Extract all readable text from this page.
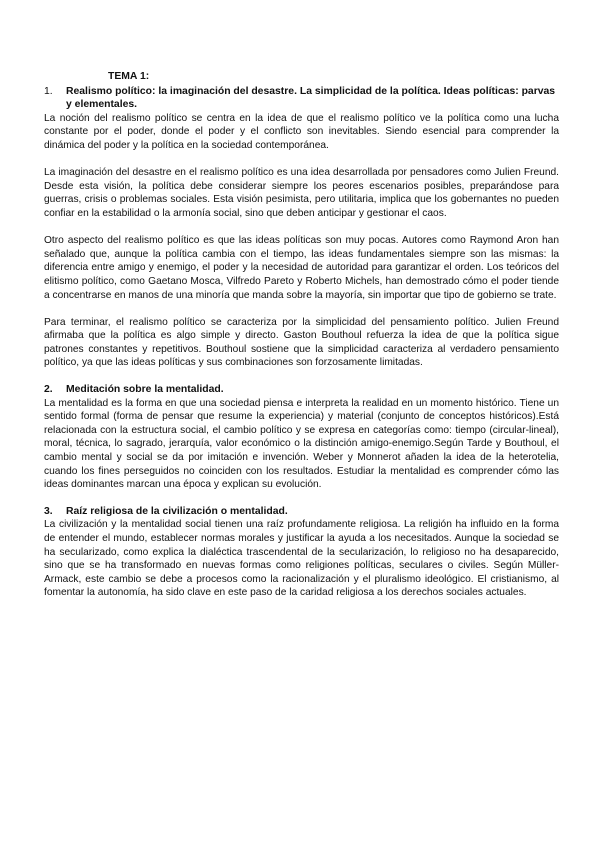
TEMA 1:
1.	Realismo político: la imaginación del desastre. La simplicidad de la política. Ideas políticas: parvas y elementales.

La noción del realismo político se centra en la idea de que el realismo político ve la política como una lucha constante por el poder, donde el poder y el conflicto son inevitables. Siendo esencial para comprender la dinámica del poder y la política en la sociedad contemporánea.

La imaginación del desastre en el realismo político es una idea desarrollada por pensadores como Julien Freund. Desde esta visión, la política debe considerar siempre los peores escenarios posibles, preparándose para guerras, crisis o problemas sociales. Esta visión pesimista, pero utilitaria, implica que los gobernantes no pueden confiar en la estabilidad o la armonía social, sino que deben anticipar y gestionar el caos.

Otro aspecto del realismo político es que las ideas políticas son muy pocas. Autores como Raymond Aron han señalado que, aunque la política cambia con el tiempo, las ideas fundamentales siempre son las mismas: la diferencia entre amigo y enemigo, el poder y la necesidad de autoridad para garantizar el orden. Los teóricos del elitismo político, como Gaetano Mosca, Vilfredo Pareto y Roberto Michels, han demostrado cómo el poder tiende a concentrarse en manos de una minoría que manda sobre la mayoría, sin importar que tipo de gobierno se trate.

Para terminar, el realismo político se caracteriza por la simplicidad del pensamiento político. Julien Freund afirmaba que la política es algo simple y directo. Gaston Bouthoul refuerza la idea de que la política sigue patrones constantes y repetitivos. Bouthoul sostiene que la simplicidad caracteriza al verdadero pensamiento político, ya que las ideas políticas y sus combinaciones son forzosamente limitadas.

2.	Meditación sobre la mentalidad.

La mentalidad es la forma en que una sociedad piensa e interpreta la realidad en un momento histórico. Tiene un sentido formal (forma de pensar que resume la experiencia) y material (conjunto de conceptos históricos).Está relacionada con la estructura social, el cambio político y se expresa en categorías como: tiempo (circular-lineal), moral, técnica, lo sagrado, jerarquía, valor económico o la distinción amigo-enemigo.Según Tarde y Bouthoul, el cambio mental y social se da por imitación e invención. Weber y Monnerot añaden la idea de la heterotelia, cuando los fines perseguidos no coinciden con los resultados. Estudiar la mentalidad es comprender cómo las ideas dominantes marcan una época y explican su evolución.

3.	Raíz religiosa de la civilización o mentalidad.

La civilización y la mentalidad social tienen una raíz profundamente religiosa. La religión ha influido en la forma de entender el mundo, establecer normas morales y justificar la ayuda a los necesitados. Aunque la sociedad se ha secularizado, como explica la dialéctica trascendental de la secularización, lo religioso no ha desaparecido, sino que se ha transformado en nuevas formas como religiones políticas, seculares o civiles. Según Müller-Armack, este cambio se debe a procesos como la racionalización y el pluralismo ideológico. El cristianismo, al fomentar la autonomía, ha sido clave en este paso de la caridad religiosa a los derechos sociales actuales.
